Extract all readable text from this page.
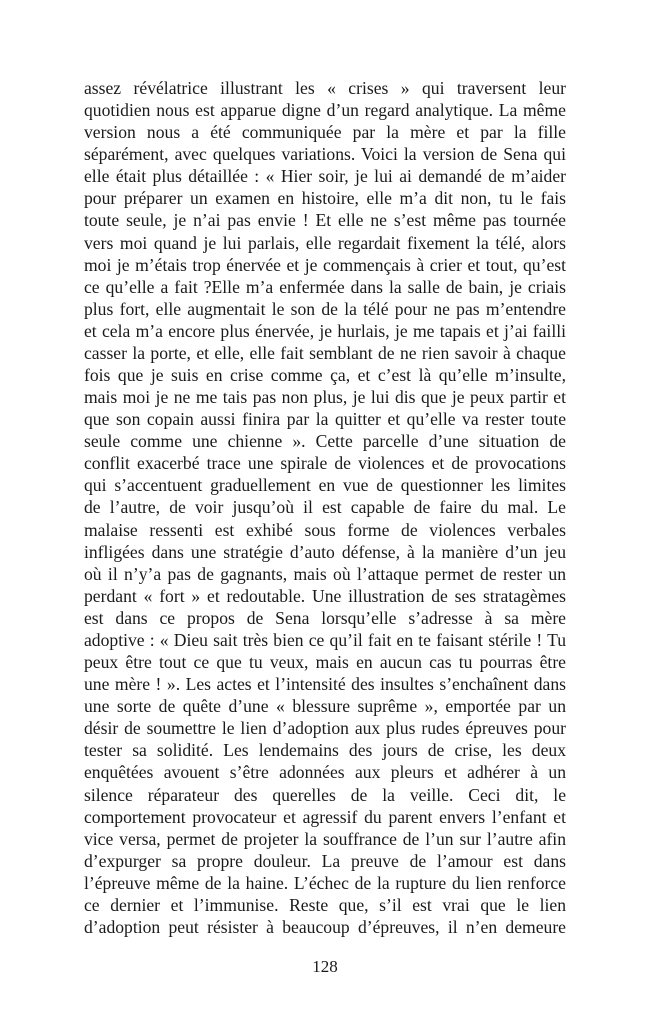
assez révélatrice illustrant les « crises » qui traversent leur
quotidien nous est apparue digne d’un regard analytique. La même
version nous a été communiquée par la mère et par la fille
séparément, avec quelques variations. Voici la version de Sena qui
elle était plus détaillée : « Hier soir, je lui ai demandé de m’aider
pour préparer un examen en histoire, elle m’a dit non, tu le fais
toute seule, je n’ai pas envie ! Et elle ne s’est même pas tournée
vers moi quand je lui parlais, elle regardait fixement la télé, alors
moi je m’étais trop énervée et je commençais à crier et tout, qu’est
ce qu’elle a fait ?Elle m’a enfermée dans la salle de bain, je criais
plus fort, elle augmentait le son de la télé pour ne pas m’entendre
et cela m’a encore plus énervée, je hurlais, je me tapais et j’ai failli
casser la porte, et elle, elle fait semblant de ne rien savoir à chaque
fois que je suis en crise comme ça, et c’est là qu’elle m’insulte,
mais moi je ne me tais pas non plus, je lui dis que je peux partir et
que son copain aussi finira par la quitter et qu’elle va rester toute
seule comme une chienne ». Cette parcelle d’une situation de
conflit exacerbé trace une spirale de violences et de provocations
qui s’accentuent graduellement en vue de questionner les limites
de l’autre, de voir jusqu’où il est capable de faire du mal. Le
malaise ressenti est exhibé sous forme de violences verbales
infligées dans une stratégie d’auto défense, à la manière d’un jeu
où il n’y’a pas de gagnants, mais où l’attaque permet de rester un
perdant « fort » et redoutable. Une illustration de ses stratagèmes
est dans ce propos de Sena lorsqu’elle s’adresse à sa mère
adoptive : « Dieu sait très bien ce qu’il fait en te faisant stérile ! Tu
peux être tout ce que tu veux, mais en aucun cas tu pourras être
une mère ! ». Les actes et l’intensité des insultes s’enchaînent dans
une sorte de quête d’une « blessure suprême », emportée par un
désir de soumettre le lien d’adoption aux plus rudes épreuves pour
tester sa solidité. Les lendemains des jours de crise, les deux
enquêtées avouent s’être adonnées aux pleurs et adhérer à un
silence réparateur des querelles de la veille. Ceci dit, le
comportement provocateur et agressif du parent envers l’enfant et
vice versa, permet de projeter la souffrance de l’un sur l’autre afin
d’expurger sa propre douleur. La preuve de l’amour est dans
l’épreuve même de la haine. L’échec de la rupture du lien renforce
ce dernier et l’immunise. Reste que, s’il est vrai que le lien
d’adoption peut résister à beaucoup d’épreuves, il n’en demeure
128
